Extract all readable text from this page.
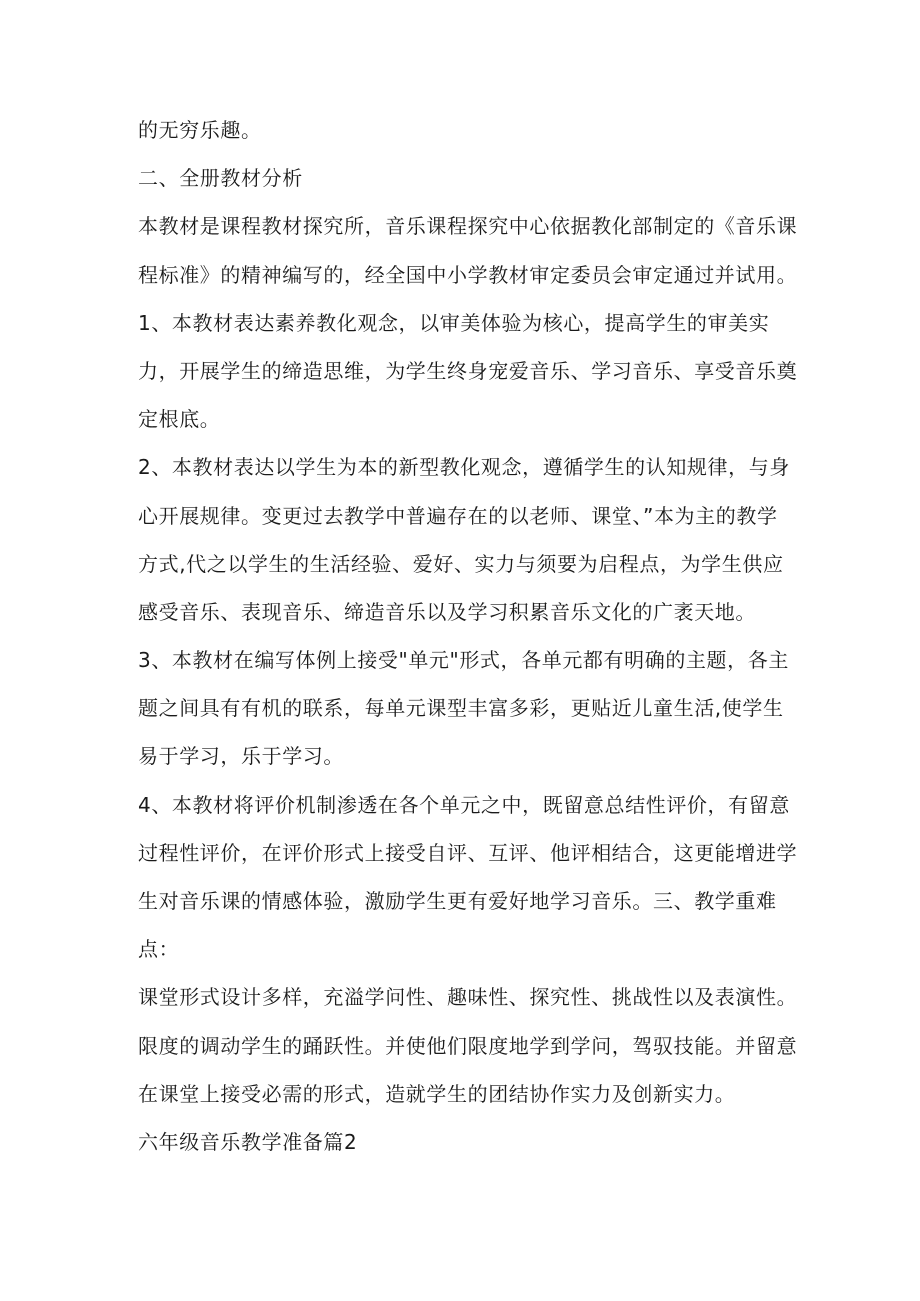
的无穷乐趣。
二、全册教材分析
本教材是课程教材探究所，音乐课程探究中心依据教化部制定的《音乐课
程标准》的精神编写的，经全国中小学教材审定委员会审定通过并试用。
1、本教材表达素养教化观念，以审美体验为核心，提高学生的审美实
力，开展学生的缔造思维，为学生终身宠爱音乐、学习音乐、享受音乐奠
定根底。
2、本教材表达以学生为本的新型教化观念，遵循学生的认知规律，与身
心开展规律。变更过去教学中普遍存在的以老师、课堂、”本为主的教学
方式,代之以学生的生活经验、爱好、实力与须要为启程点，为学生供应
感受音乐、表现音乐、缔造音乐以及学习积累音乐文化的广袤天地。
3、本教材在编写体例上接受"单元"形式，各单元都有明确的主题，各主
题之间具有有机的联系，每单元课型丰富多彩，更贴近儿童生活,使学生
易于学习，乐于学习。
4、本教材将评价机制渗透在各个单元之中，既留意总结性评价，有留意
过程性评价，在评价形式上接受自评、互评、他评相结合，这更能增进学
生对音乐课的情感体验，激励学生更有爱好地学习音乐。三、教学重难
点：
课堂形式设计多样，充溢学问性、趣味性、探究性、挑战性以及表演性。
限度的调动学生的踊跃性。并使他们限度地学到学问，驾驭技能。并留意
在课堂上接受必需的形式，造就学生的团结协作实力及创新实力。
六年级音乐教学准备篇2
